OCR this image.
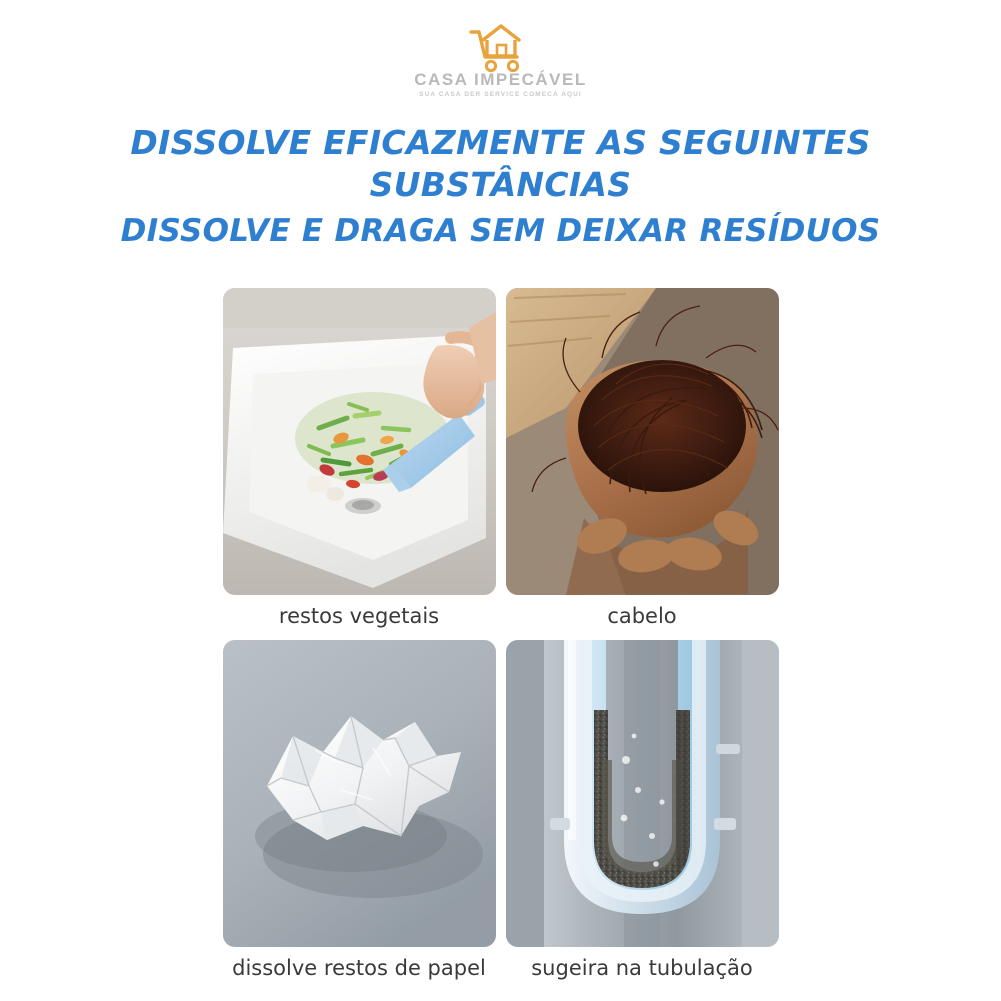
CASA IMPECÁVEL
SUA CASA DER SERVICE COMECA AQUI
DISSOLVE EFICAZMENTE AS SEGUINTES SUBSTÂNCIAS
DISSOLVE E DRAGA SEM DEIXAR RESÍDUOS
restos vegetais	cabelo
dissolve restos de papel sugeira na tubulação
